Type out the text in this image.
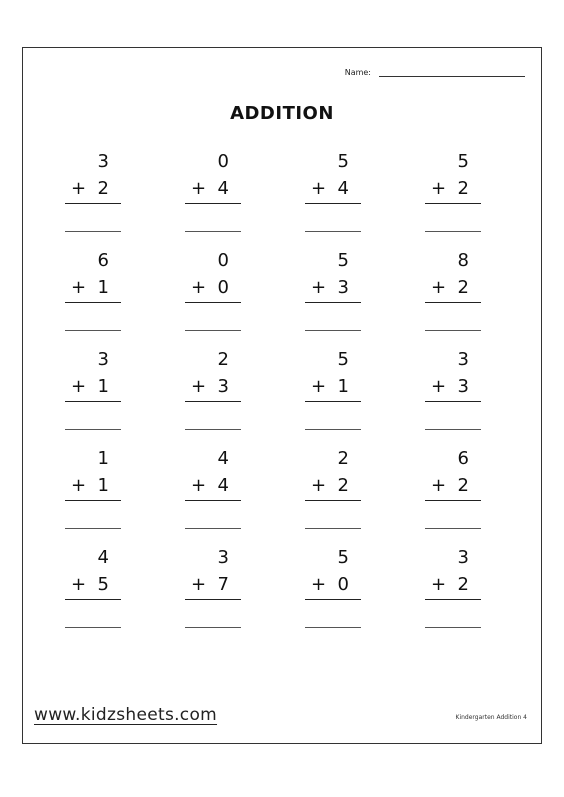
Name:
ADDITION
3
+ 2
0
+ 4
5
+ 4
5
+ 2
6
+ 1
0
+ 0
5
+ 3
8
+ 2
3
+ 1
2
+ 3
5
+ 1
3
+ 3
1
+ 1
4
+ 4
2
+ 2
6
+ 2
4
+ 5
3
+ 7
5
+ 0
3
+ 2
www.kidzsheets.com	Kindergarten Addition 4
